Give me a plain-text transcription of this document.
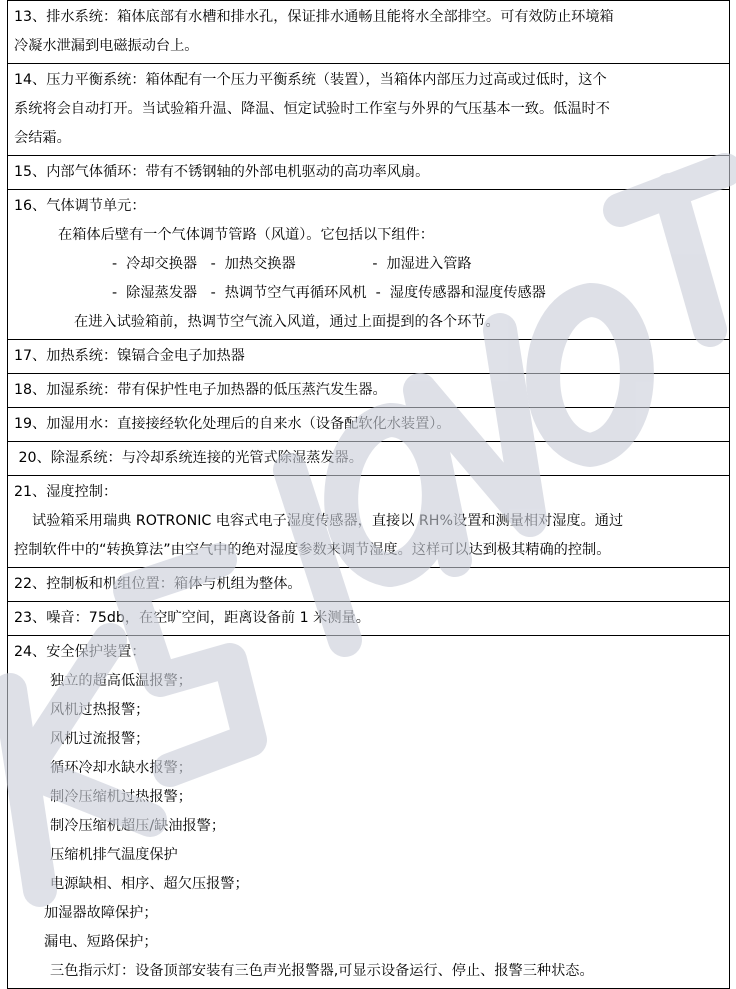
13、排水系统：箱体底部有水槽和排水孔，保证排水通畅且能将水全部排空。可有效防止环境箱
冷凝水泄漏到电磁振动台上。

14、压力平衡系统：箱体配有一个压力平衡系统（装置），当箱体内部压力过高或过低时，这个
系统将会自动打开。当试验箱升温、降温、恒定试验时工作室与外界的气压基本一致。低温时不
会结霜。

15、内部气体循环：带有不锈钢轴的外部电机驱动的高功率风扇。

16、气体调节单元：
在箱体后壁有一个气体调节管路（风道）。它包括以下组件：
-  冷却交换器   -  加热交换器                 -  加湿进入管路
-  除湿蒸发器   -  热调节空气再循环风机  -  湿度传感器和湿度传感器
在进入试验箱前，热调节空气流入风道，通过上面提到的各个环节。

17、加热系统：镍镉合金电子加热器

18、加湿系统：带有保护性电子加热器的低压蒸汽发生器。

19、加湿用水：直接接经软化处理后的自来水（设备配软化水装置）。

20、除湿系统：与冷却系统连接的光管式除湿蒸发器。

21、湿度控制：
试验箱采用瑞典 ROTRONIC 电容式电子湿度传感器，直接以 RH%设置和测量相对湿度。通过
控制软件中的“转换算法”由空气中的绝对湿度参数来调节湿度。这样可以达到极其精确的控制。

22、控制板和机组位置：箱体与机组为整体。

23、噪音：75db，在空旷空间，距离设备前 1 米测量。

24、安全保护装置：
独立的超高低温报警；
风机过热报警；
风机过流报警；
循环冷却水缺水报警；
制冷压缩机过热报警；
制冷压缩机超压/缺油报警；
压缩机排气温度保护
电源缺相、相序、超欠压报警；
加湿器故障保护；
漏电、短路保护；
三色指示灯：设备顶部安装有三色声光报警器,可显示设备运行、停止、报警三种状态。
